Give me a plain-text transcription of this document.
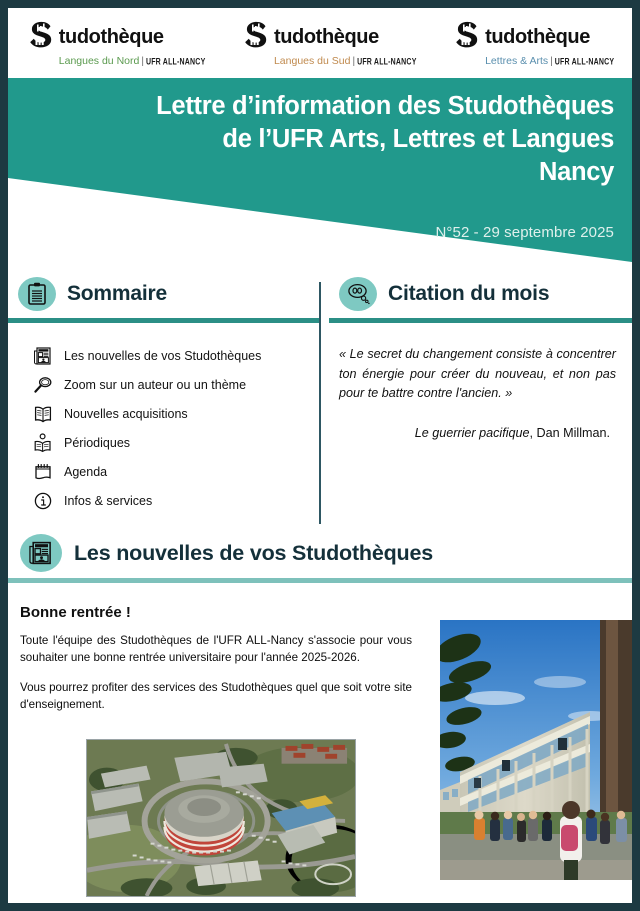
tudothèque
Langues du Nord | UFR ALL-NANCY
tudothèque
Langues du Sud | UFR ALL-NANCY
tudothèque
Lettres & Arts | UFR ALL-NANCY
Lettre d’information des Studothèques
de l’UFR Arts, Lettres et Langues
Nancy
N°52 - 29 septembre 2025
Sommaire
Les nouvelles de vos Studothèques
Zoom sur un auteur ou un thème
Nouvelles acquisitions
Périodiques
Agenda
Infos & services
Citation du mois
« Le secret du changement consiste à concentrer ton énergie pour créer du nouveau, et non pas pour te battre contre l'ancien. »
Le guerrier pacifique, Dan Millman.
Les nouvelles de vos Studothèques
Bonne rentrée !

Toute l'équipe des Studothèques de l'UFR ALL-Nancy s'associe pour vous souhaiter une bonne rentrée universitaire pour l'année 2025-2026.

Vous pourrez profiter des services des Studothèques quel que soit votre site d'enseignement.
